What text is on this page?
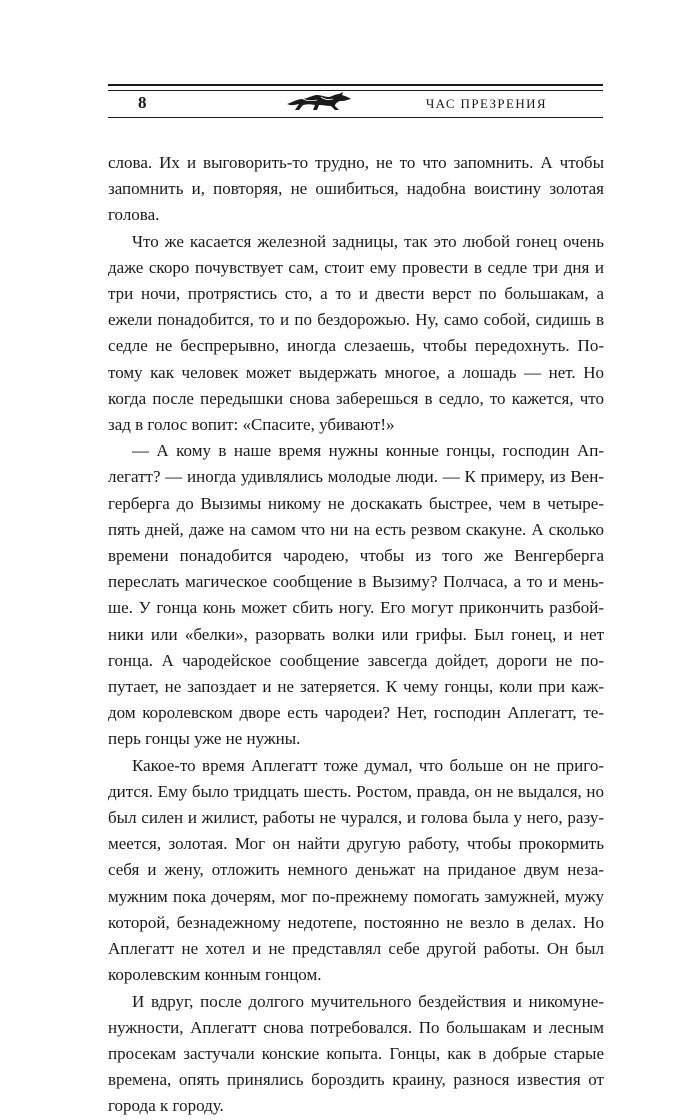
8	ЧАС ПРЕЗРЕНИЯ

слова. Их и выговорить-то трудно, не то что запомнить. А чтобы запомнить и, повторяя, не ошибиться, надобна воистину золотая голова.

Что же касается железной задницы, так это любой гонец очень даже скоро почувствует сам, стоит ему провести в седле три дня и три ночи, протрястись сто, а то и двести верст по большакам, а ежели понадобится, то и по бездорожью. Ну, само собой, сидишь в седле не беспрерывно, иногда слезаешь, чтобы передохнуть. Потому как человек может выдержать многое, а лошадь — нет. Но когда после передышки снова заберешься в седло, то кажется, что зад в голос вопит: «Спасите, убивают!»

— А кому в наше время нужны конные гонцы, господин Аплегатт? — иногда удивлялись молодые люди. — К примеру, из Венгерберга до Вызимы никому не доскакать быстрее, чем в четыре-пять дней, даже на самом что ни на есть резвом скакуне. А сколько времени понадобится чародею, чтобы из того же Венгерберга переслать магическое сообщение в Вызиму? Полчаса, а то и меньше. У гонца конь может сбить ногу. Его могут прикончить разбойники или «белки», разорвать волки или грифы. Был гонец, и нет гонца. А чародейское сообщение завсегда дойдет, дороги не попутает, не запоздает и не затеряется. К чему гонцы, коли при каждом королевском дворе есть чародеи? Нет, господин Аплегатт, теперь гонцы уже не нужны.

Какое-то время Аплегатт тоже думал, что больше он не пригодится. Ему было тридцать шесть. Ростом, правда, он не выдался, но был силен и жилист, работы не чурался, и голова была у него, разумеется, золотая. Мог он найти другую работу, чтобы прокормить себя и жену, отложить немного деньжат на приданое двум незамужним пока дочерям, мог по-прежнему помогать замужней, мужу которой, безнадежному недотепе, постоянно не везло в делах. Но Аплегатт не хотел и не представлял себе другой работы. Он был королевским конным гонцом.

И вдруг, после долгого мучительного бездействия и никомуненужности, Аплегатт снова потребовался. По большакам и лесным просекам застучали конские копыта. Гонцы, как в добрые старые времена, опять принялись бороздить краину, разнося известия от города к городу.
